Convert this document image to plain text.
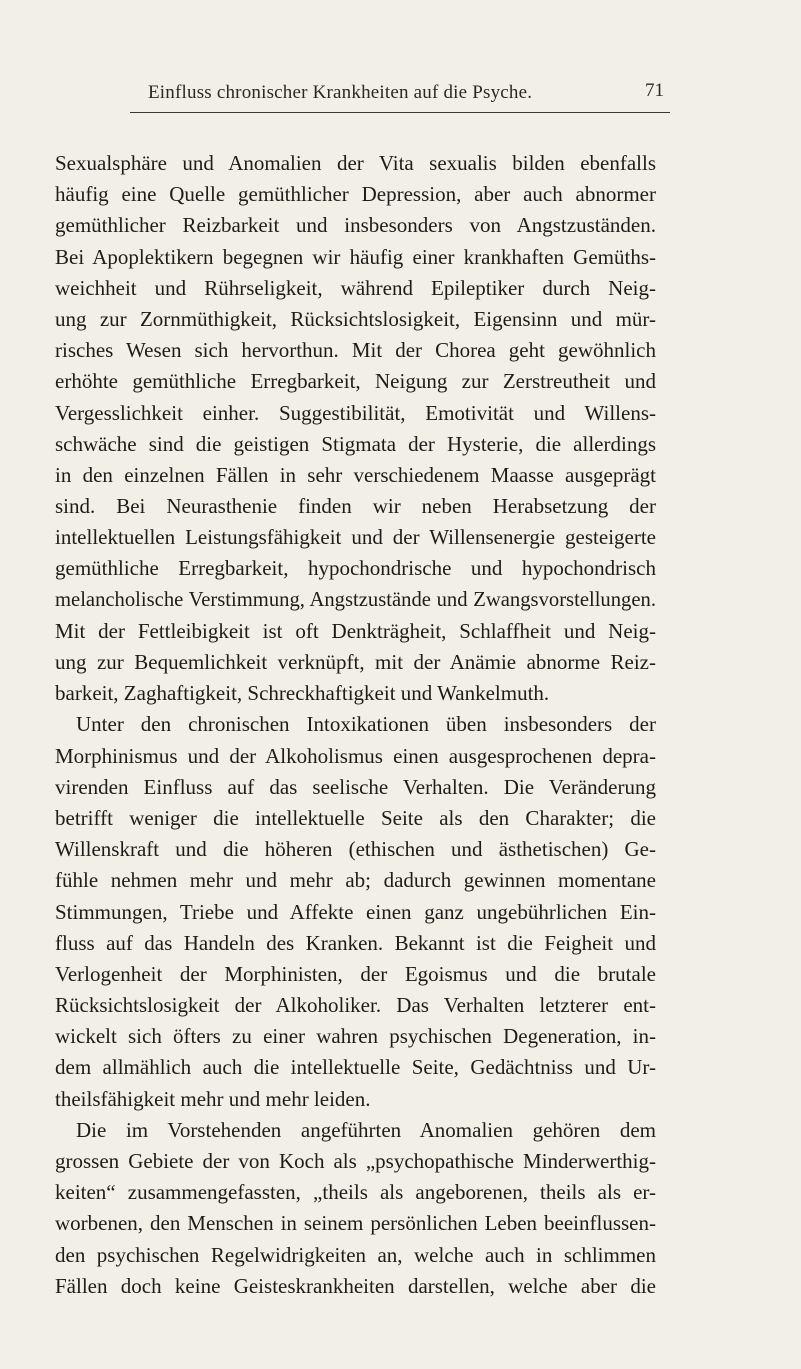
Einfluss chronischer Krankheiten auf die Psyche.	71
Sexualsphäre und Anomalien der Vita sexualis bilden ebenfalls
häufig eine Quelle gemüthlicher Depression, aber auch abnormer
gemüthlicher Reizbarkeit und insbesonders von Angstzuständen.
Bei Apoplektikern begegnen wir häufig einer krankhaften Gemüths-
weichheit und Rührseligkeit, während Epileptiker durch Neig-
ung zur Zornmüthigkeit, Rücksichtslosigkeit, Eigensinn und mür-
risches Wesen sich hervorthun. Mit der Chorea geht gewöhnlich
erhöhte gemüthliche Erregbarkeit, Neigung zur Zerstreutheit und
Vergesslichkeit einher. Suggestibilität, Emotivität und Willens-
schwäche sind die geistigen Stigmata der Hysterie, die allerdings
in den einzelnen Fällen in sehr verschiedenem Maasse ausgeprägt
sind. Bei Neurasthenie finden wir neben Herabsetzung der
intellektuellen Leistungsfähigkeit und der Willensenergie gesteigerte
gemüthliche Erregbarkeit, hypochondrische und hypochondrisch
melancholische Verstimmung, Angstzustände und Zwangsvorstellungen.
Mit der Fettleibigkeit ist oft Denkträgheit, Schlaffheit und Neig-
ung zur Bequemlichkeit verknüpft, mit der Anämie abnorme Reiz-
barkeit, Zaghaftigkeit, Schreckhaftigkeit und Wankelmuth.
Unter den chronischen Intoxikationen üben insbesonders der
Morphinismus und der Alkoholismus einen ausgesprochenen depra-
virenden Einfluss auf das seelische Verhalten. Die Veränderung
betrifft weniger die intellektuelle Seite als den Charakter; die
Willenskraft und die höheren (ethischen und ästhetischen) Ge-
fühle nehmen mehr und mehr ab; dadurch gewinnen momentane
Stimmungen, Triebe und Affekte einen ganz ungebührlichen Ein-
fluss auf das Handeln des Kranken. Bekannt ist die Feigheit und
Verlogenheit der Morphinisten, der Egoismus und die brutale
Rücksichtslosigkeit der Alkoholiker. Das Verhalten letzterer ent-
wickelt sich öfters zu einer wahren psychischen Degeneration, in-
dem allmählich auch die intellektuelle Seite, Gedächtniss und Ur-
theilsfähigkeit mehr und mehr leiden.
Die im Vorstehenden angeführten Anomalien gehören dem
grossen Gebiete der von Koch als „psychopathische Minderwerthig-
keiten“ zusammengefassten, „theils als angeborenen, theils als er-
worbenen, den Menschen in seinem persönlichen Leben beeinflussen-
den psychischen Regelwidrigkeiten an, welche auch in schlimmen
Fällen doch keine Geisteskrankheiten darstellen, welche aber die
